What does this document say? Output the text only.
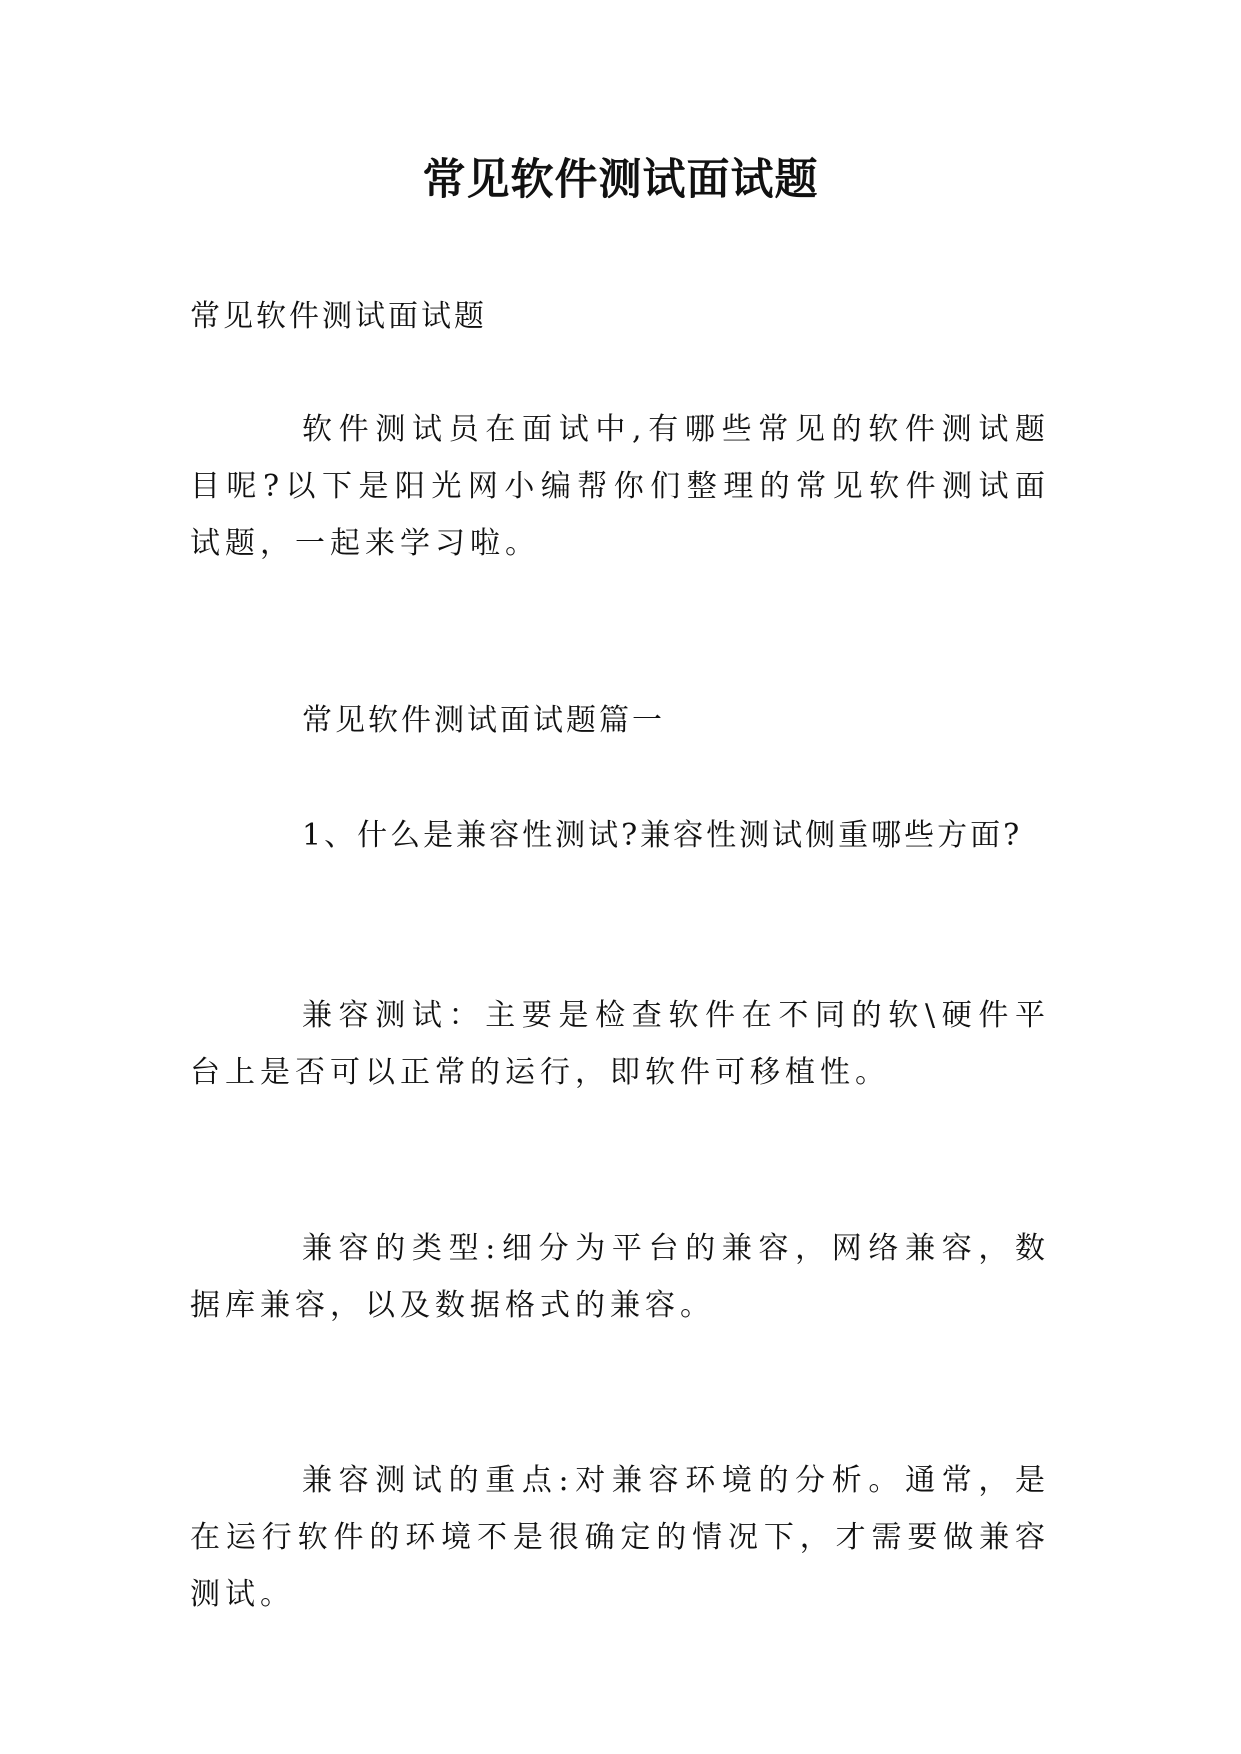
常见软件测试面试题

常见软件测试面试题

软件测试员在面试中,有哪些常见的软件测试题目呢?以下是阳光网小编帮你们整理的常见软件测试面试题，一起来学习啦。

常见软件测试面试题篇一

1、什么是兼容性测试?兼容性测试侧重哪些方面?

兼容测试：主要是检查软件在不同的软\硬件平台上是否可以正常的运行，即软件可移植性。

兼容的类型:细分为平台的兼容，网络兼容，数据库兼容，以及数据格式的兼容。

兼容测试的重点:对兼容环境的分析。通常，是在运行软件的环境不是很确定的情况下，才需要做兼容测试。
